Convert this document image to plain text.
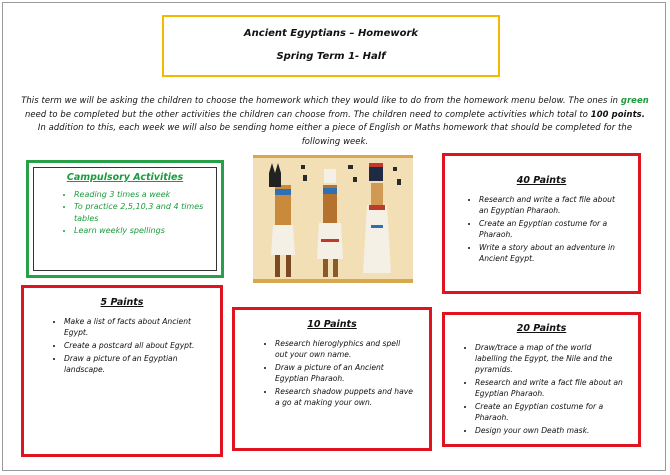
Ancient Egyptians – Homework
Spring Term 1- Half
This term we will be asking the children to choose the homework which they would like to do from the homework menu below. The ones in green need to be completed but the other activities the children can choose from. The children need to complete activities which total to 100 points. In addition to this, each week we will also be sending home either a piece of English or Maths homework that should be completed for the following week.
Campulsory Activities
• Reading 3 times a week
• To practice 2,5,10,3 and 4 times tables
• Learn weekly spellings
40 Paints
• Research and write a fact file about an Egyptian Pharaoh.
• Create an Egyptian costume for a Pharaoh.
• Write a story about an adventure in Ancient Egypt.
5 Paints
• Make a list of facts about Ancient Egypt.
• Create a postcard all about Egypt.
• Draw a picture of an Egyptian landscape.
10 Paints
• Research hieroglyphics and spell out your own name.
• Draw a picture of an Ancient Egyptian Pharaoh.
• Research shadow puppets and have a go at making your own.
20 Paints
• Draw/trace a map of the world labelling the Egypt, the Nile and the pyramids.
• Research and write a fact file about an Egyptian Pharaoh.
• Create an Egyptian costume for a Pharaoh.
• Design your own Death mask.
